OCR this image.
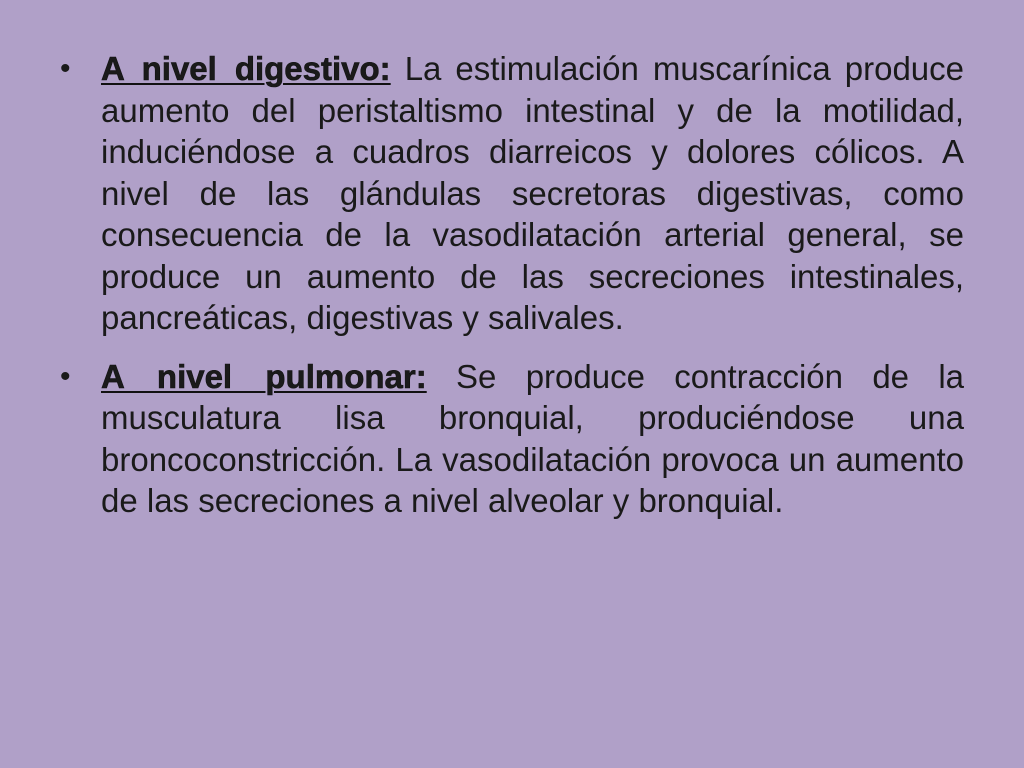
• A nivel digestivo: La estimulación muscarínica produce aumento del peristaltismo intestinal y de la motilidad, induciéndose a cuadros diarreicos y dolores cólicos. A nivel de las glándulas secretoras digestivas, como consecuencia de la vasodilatación arterial general, se produce un aumento de las secreciones intestinales, pancreáticas, digestivas y salivales.
• A nivel pulmonar: Se produce contracción de la musculatura lisa bronquial, produciéndose una broncoconstricción. La vasodilatación provoca un aumento de las secreciones a nivel alveolar y bronquial.
